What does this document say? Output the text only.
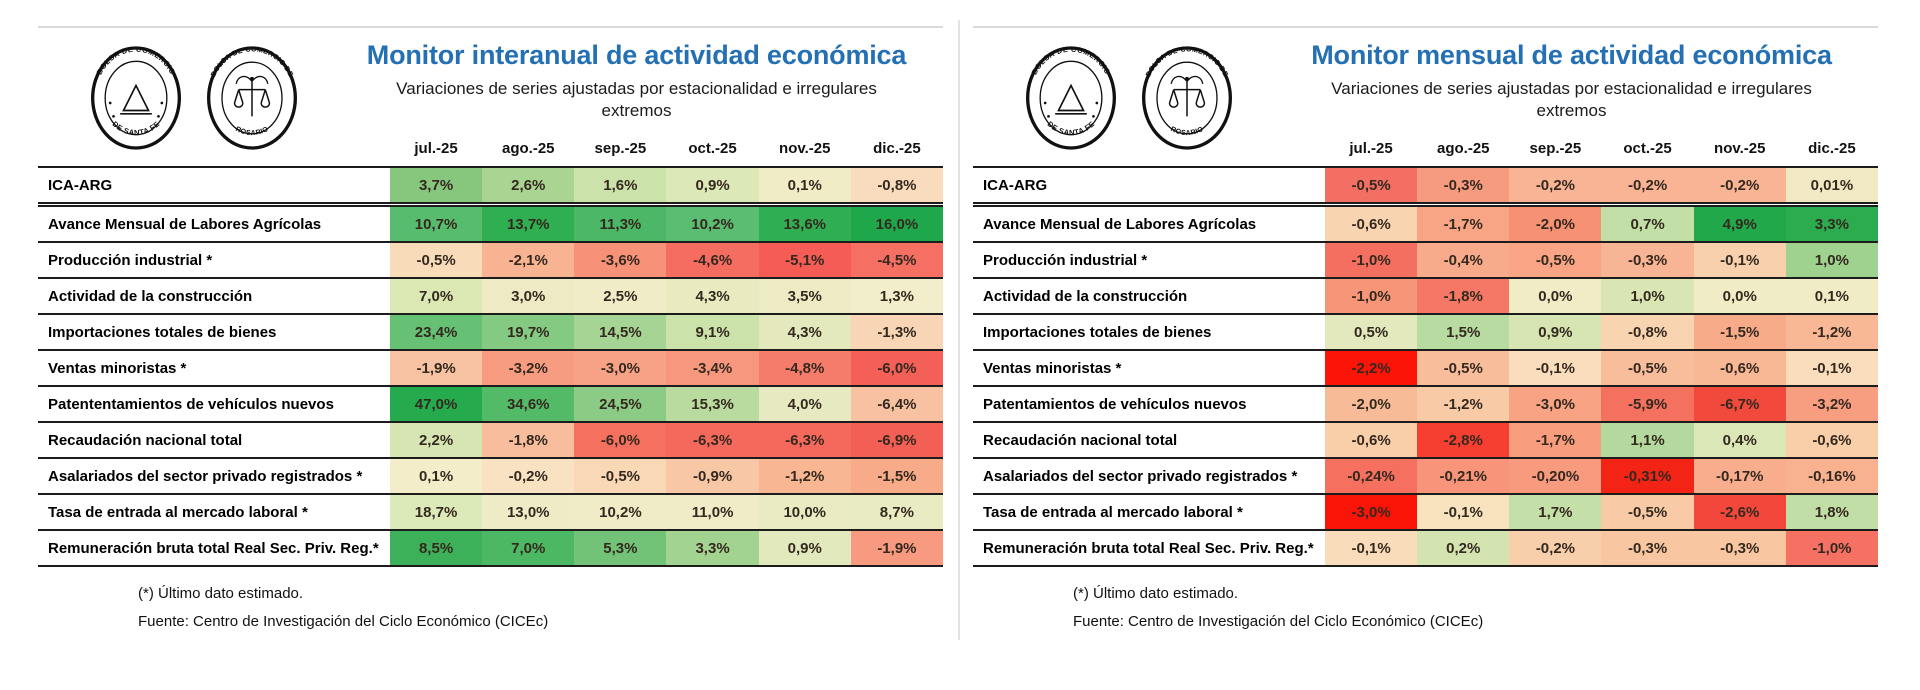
BOLSA DE COMERCIO
DE SANTA FE
BOLSA DE COMERCIO DE
ROSARIO
Monitor interanual de actividad económica
Variaciones de series ajustadas por estacionalidad e irregulares extremos
jul.-25	ago.-25	sep.-25	oct.-25	nov.-25	dic.-25
ICA-ARG	3,7%	2,6%	1,6%	0,9%	0,1%	-0,8%
Avance Mensual de Labores Agrícolas	10,7%	13,7%	11,3%	10,2%	13,6%	16,0%
Producción industrial *	-0,5%	-2,1%	-3,6%	-4,6%	-5,1%	-4,5%
Actividad de la construcción	7,0%	3,0%	2,5%	4,3%	3,5%	1,3%
Importaciones totales de bienes	23,4%	19,7%	14,5%	9,1%	4,3%	-1,3%
Ventas minoristas *	-1,9%	-3,2%	-3,0%	-3,4%	-4,8%	-6,0%
Patententamientos de vehículos nuevos	47,0%	34,6%	24,5%	15,3%	4,0%	-6,4%
Recaudación nacional total	2,2%	-1,8%	-6,0%	-6,3%	-6,3%	-6,9%
Asalariados del sector privado registrados *	0,1%	-0,2%	-0,5%	-0,9%	-1,2%	-1,5%
Tasa de entrada al mercado laboral *	18,7%	13,0%	10,2%	11,0%	10,0%	8,7%
Remuneración bruta total Real Sec. Priv. Reg.*	8,5%	7,0%	5,3%	3,3%	0,9%	-1,9%
(*) Último dato estimado.
Fuente: Centro de Investigación del Ciclo Económico (CICEc)
BOLSA DE COMERCIO
DE SANTA FE
BOLSA DE COMERCIO DE
ROSARIO
Monitor mensual de actividad económica
Variaciones de series ajustadas por estacionalidad e irregulares extremos
jul.-25	ago.-25	sep.-25	oct.-25	nov.-25	dic.-25
ICA-ARG	-0,5%	-0,3%	-0,2%	-0,2%	-0,2%	0,01%
Avance Mensual de Labores Agrícolas	-0,6%	-1,7%	-2,0%	0,7%	4,9%	3,3%
Producción industrial *	-1,0%	-0,4%	-0,5%	-0,3%	-0,1%	1,0%
Actividad de la construcción	-1,0%	-1,8%	0,0%	1,0%	0,0%	0,1%
Importaciones totales de bienes	0,5%	1,5%	0,9%	-0,8%	-1,5%	-1,2%
Ventas minoristas *	-2,2%	-0,5%	-0,1%	-0,5%	-0,6%	-0,1%
Patentamientos de vehículos nuevos	-2,0%	-1,2%	-3,0%	-5,9%	-6,7%	-3,2%
Recaudación nacional total	-0,6%	-2,8%	-1,7%	1,1%	0,4%	-0,6%
Asalariados del sector privado registrados *	-0,24%	-0,21%	-0,20%	-0,31%	-0,17%	-0,16%
Tasa de entrada al mercado laboral *	-3,0%	-0,1%	1,7%	-0,5%	-2,6%	1,8%
Remuneración bruta total Real Sec. Priv. Reg.*	-0,1%	0,2%	-0,2%	-0,3%	-0,3%	-1,0%
(*) Último dato estimado.
Fuente: Centro de Investigación del Ciclo Económico (CICEc)
